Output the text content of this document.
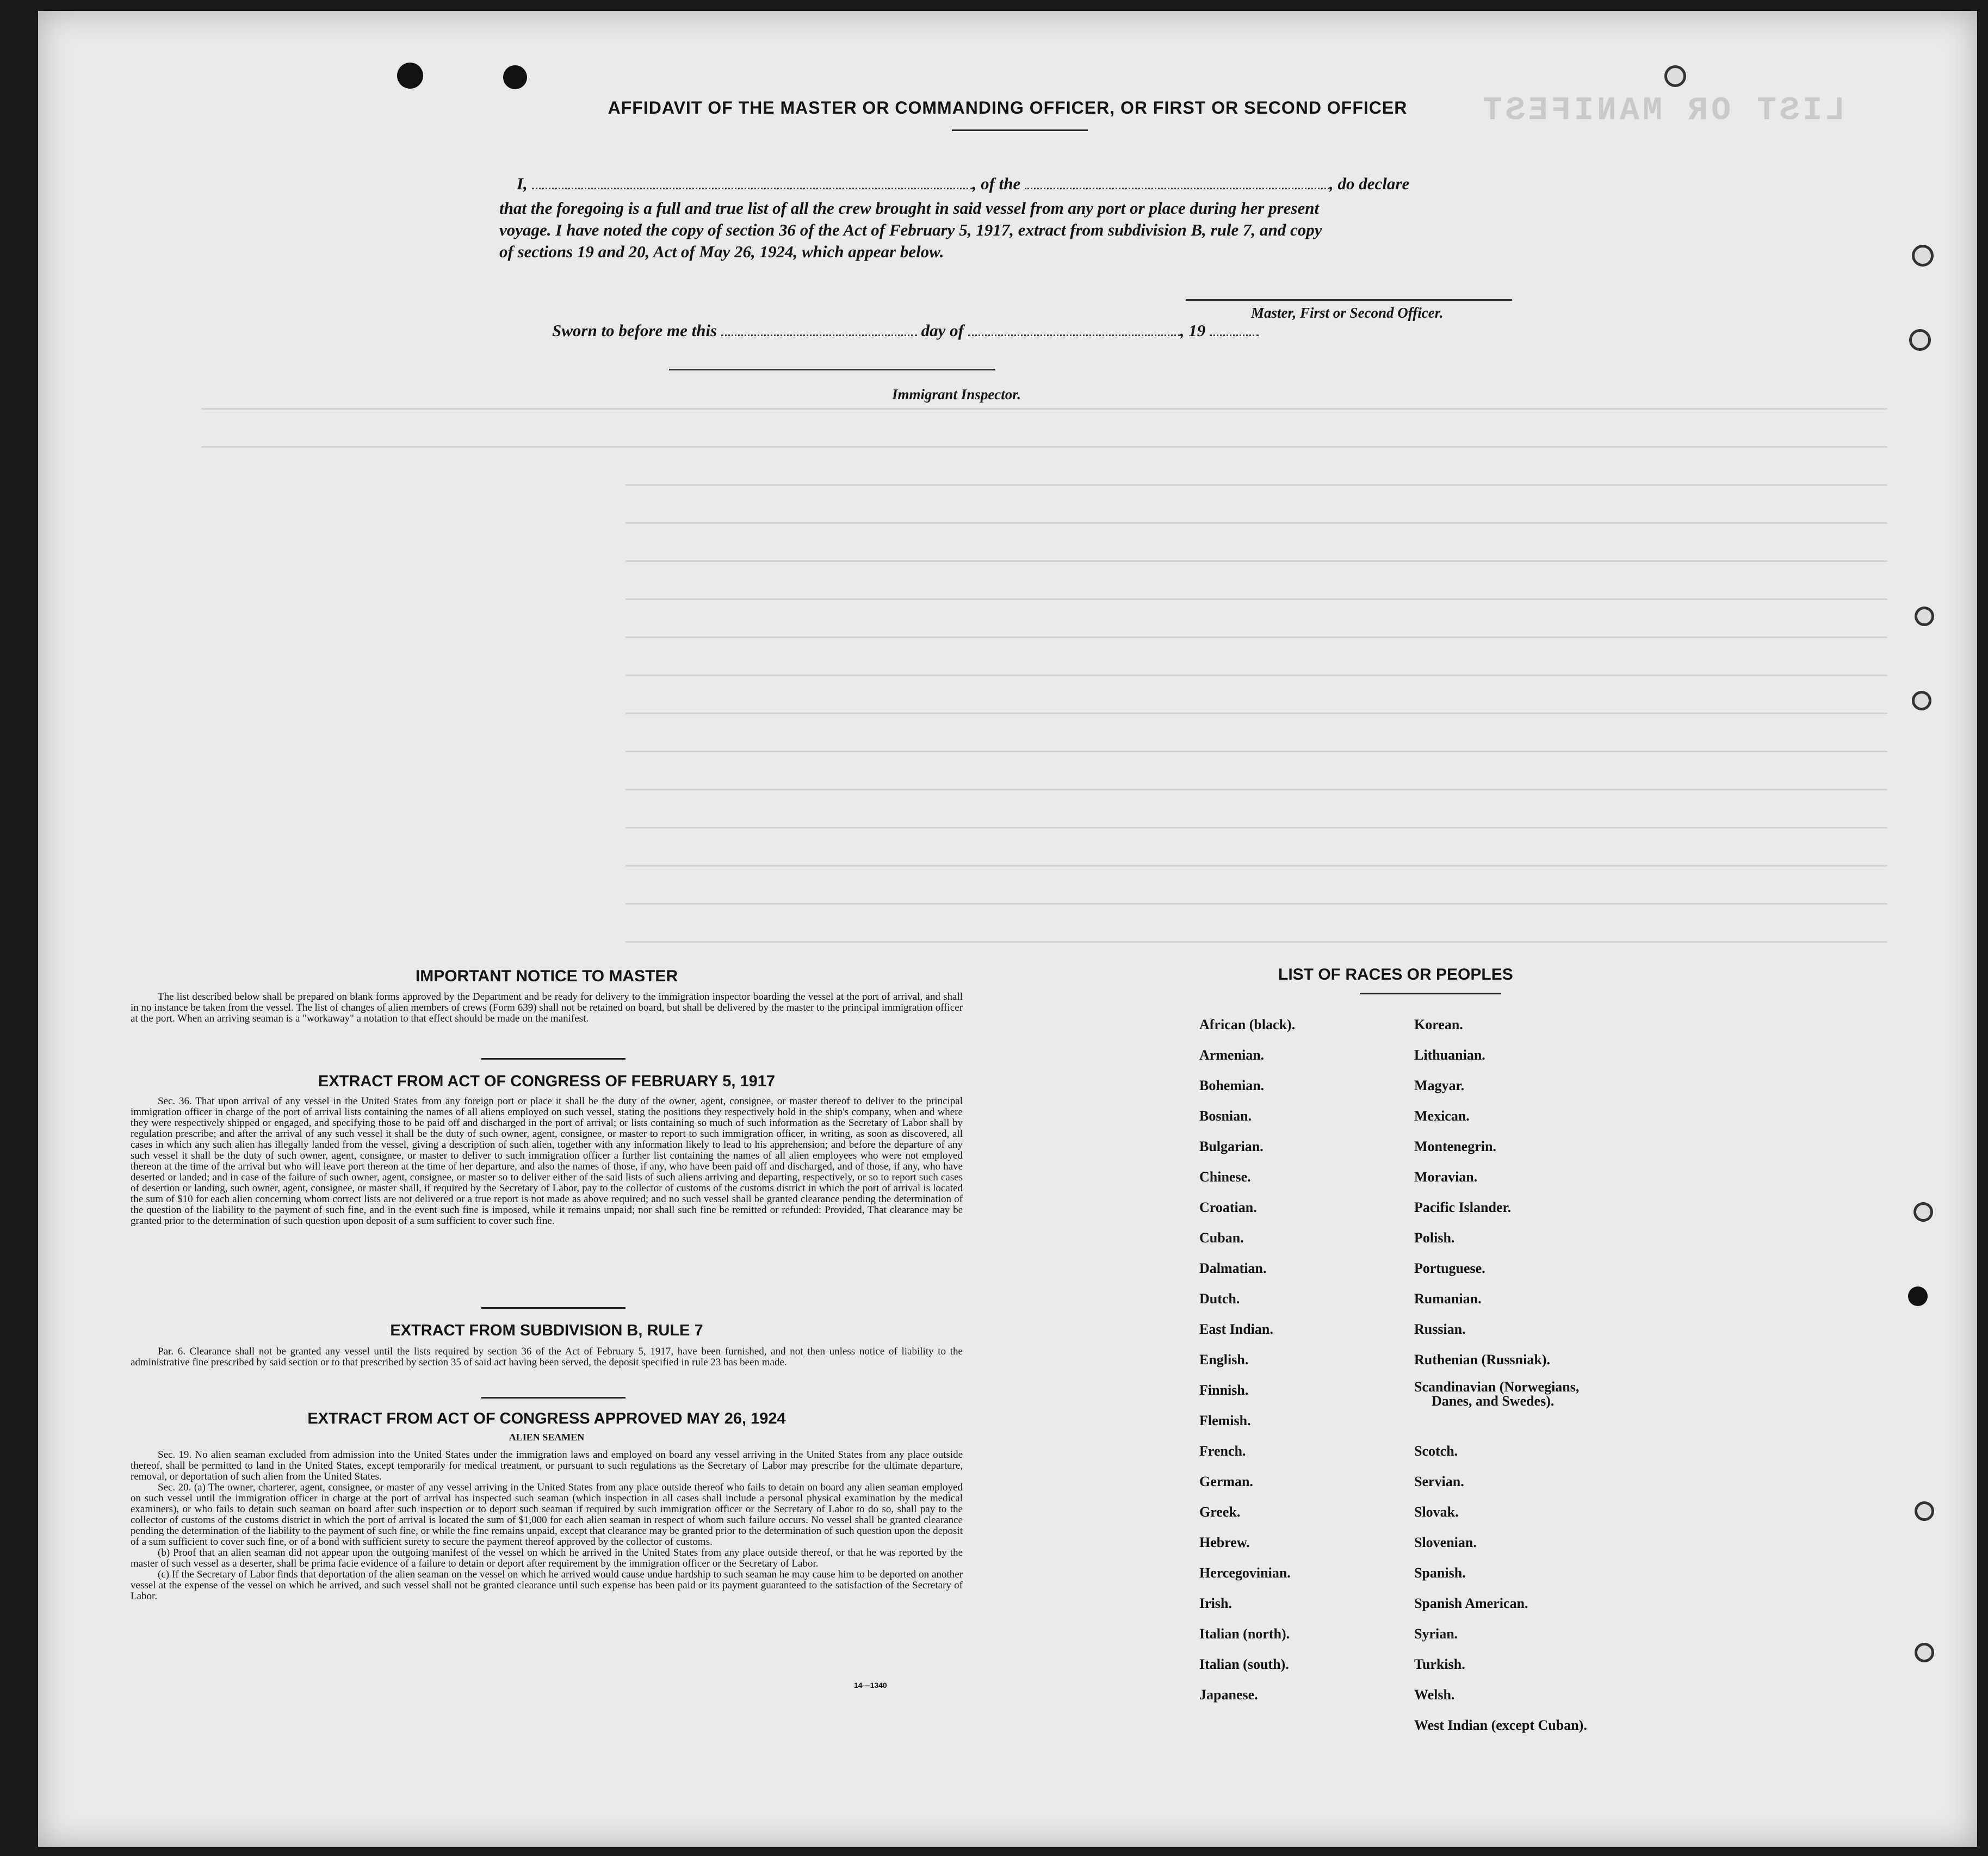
LIST OR MANIFEST
AFFIDAVIT OF THE MASTER OR COMMANDING OFFICER, OR FIRST OR SECOND OFFICER
I,	, of the	, do declare
that the foregoing is a full and true list of all the crew brought in said vessel from any port or place during her present
voyage. I have noted the copy of section 36 of the Act of February 5, 1917, extract from subdivision B, rule 7, and copy
of sections 19 and 20, Act of May 26, 1924, which appear below.
Master, First or Second Officer.
Sworn to before me this	day of	, 19
Immigrant Inspector.
IMPORTANT NOTICE TO MASTER

The list described below shall be prepared on blank forms approved by the Department and be ready for delivery to the immigration inspector boarding the vessel at the port of arrival, and shall in no instance be taken from the vessel. The list of changes of alien members of crews (Form 639) shall not be retained on board, but shall be delivered by the master to the principal immigration officer at the port. When an arriving seaman is a "workaway" a notation to that effect should be made on the manifest.

EXTRACT FROM ACT OF CONGRESS OF FEBRUARY 5, 1917

Sec. 36. That upon arrival of any vessel in the United States from any foreign port or place it shall be the duty of the owner, agent, consignee, or master thereof to deliver to the principal immigration officer in charge of the port of arrival lists containing the names of all aliens employed on such vessel, stating the positions they respectively hold in the ship's company, when and where they were respectively shipped or engaged, and specifying those to be paid off and discharged in the port of arrival; or lists containing so much of such information as the Secretary of Labor shall by regulation prescribe; and after the arrival of any such vessel it shall be the duty of such owner, agent, consignee, or master to report to such immigration officer, in writing, as soon as discovered, all cases in which any such alien has illegally landed from the vessel, giving a description of such alien, together with any information likely to lead to his apprehension; and before the departure of any such vessel it shall be the duty of such owner, agent, consignee, or master to deliver to such immigration officer a further list containing the names of all alien employees who were not employed thereon at the time of the arrival but who will leave port thereon at the time of her departure, and also the names of those, if any, who have been paid off and discharged, and of those, if any, who have deserted or landed; and in case of the failure of such owner, agent, consignee, or master so to deliver either of the said lists of such aliens arriving and departing, respectively, or so to report such cases of desertion or landing, such owner, agent, consignee, or master shall, if required by the Secretary of Labor, pay to the collector of customs of the customs district in which the port of arrival is located the sum of $10 for each alien concerning whom correct lists are not delivered or a true report is not made as above required; and no such vessel shall be granted clearance pending the determination of the question of the liability to the payment of such fine, and in the event such fine is imposed, while it remains unpaid; nor shall such fine be remitted or refunded: Provided, That clearance may be granted prior to the determination of such question upon deposit of a sum sufficient to cover such fine.

EXTRACT FROM SUBDIVISION B, RULE 7

Par. 6. Clearance shall not be granted any vessel until the lists required by section 36 of the Act of February 5, 1917, have been furnished, and not then unless notice of liability to the administrative fine prescribed by said section or to that prescribed by section 35 of said act having been served, the deposit specified in rule 23 has been made.

EXTRACT FROM ACT OF CONGRESS APPROVED MAY 26, 1924
ALIEN SEAMEN

Sec. 19. No alien seaman excluded from admission into the United States under the immigration laws and employed on board any vessel arriving in the United States from any place outside thereof, shall be permitted to land in the United States, except temporarily for medical treatment, or pursuant to such regulations as the Secretary of Labor may prescribe for the ultimate departure, removal, or deportation of such alien from the United States.

Sec. 20. (a) The owner, charterer, agent, consignee, or master of any vessel arriving in the United States from any place outside thereof who fails to detain on board any alien seaman employed on such vessel until the immigration officer in charge at the port of arrival has inspected such seaman (which inspection in all cases shall include a personal physical examination by the medical examiners), or who fails to detain such seaman on board after such inspection or to deport such seaman if required by such immigration officer or the Secretary of Labor to do so, shall pay to the collector of customs of the customs district in which the port of arrival is located the sum of $1,000 for each alien seaman in respect of whom such failure occurs. No vessel shall be granted clearance pending the determination of the liability to the payment of such fine, or while the fine remains unpaid, except that clearance may be granted prior to the determination of such question upon the deposit of a sum sufficient to cover such fine, or of a bond with sufficient surety to secure the payment thereof approved by the collector of customs.

(b) Proof that an alien seaman did not appear upon the outgoing manifest of the vessel on which he arrived in the United States from any place outside thereof, or that he was reported by the master of such vessel as a deserter, shall be prima facie evidence of a failure to detain or deport after requirement by the immigration officer or the Secretary of Labor.

(c) If the Secretary of Labor finds that deportation of the alien seaman on the vessel on which he arrived would cause undue hardship to such seaman he may cause him to be deported on another vessel at the expense of the vessel on which he arrived, and such vessel shall not be granted clearance until such expense has been paid or its payment guaranteed to the satisfaction of the Secretary of Labor.

14—1340
LIST OF RACES OR PEOPLES
African (black).
Armenian.
Bohemian.
Bosnian.
Bulgarian.
Chinese.
Croatian.
Cuban.
Dalmatian.
Dutch.
East Indian.
English.
Finnish.
Flemish.
French.
German.
Greek.
Hebrew.
Hercegovinian.
Irish.
Italian (north).
Italian (south).
Japanese.
Korean.
Lithuanian.
Magyar.
Mexican.
Montenegrin.
Moravian.
Pacific Islander.
Polish.
Portuguese.
Rumanian.
Russian.
Ruthenian (Russniak).
Scandinavian (Norwegians,
Danes, and Swedes).
Scotch.
Servian.
Slovak.
Slovenian.
Spanish.
Spanish American.
Syrian.
Turkish.
Welsh.
West Indian (except Cuban).
